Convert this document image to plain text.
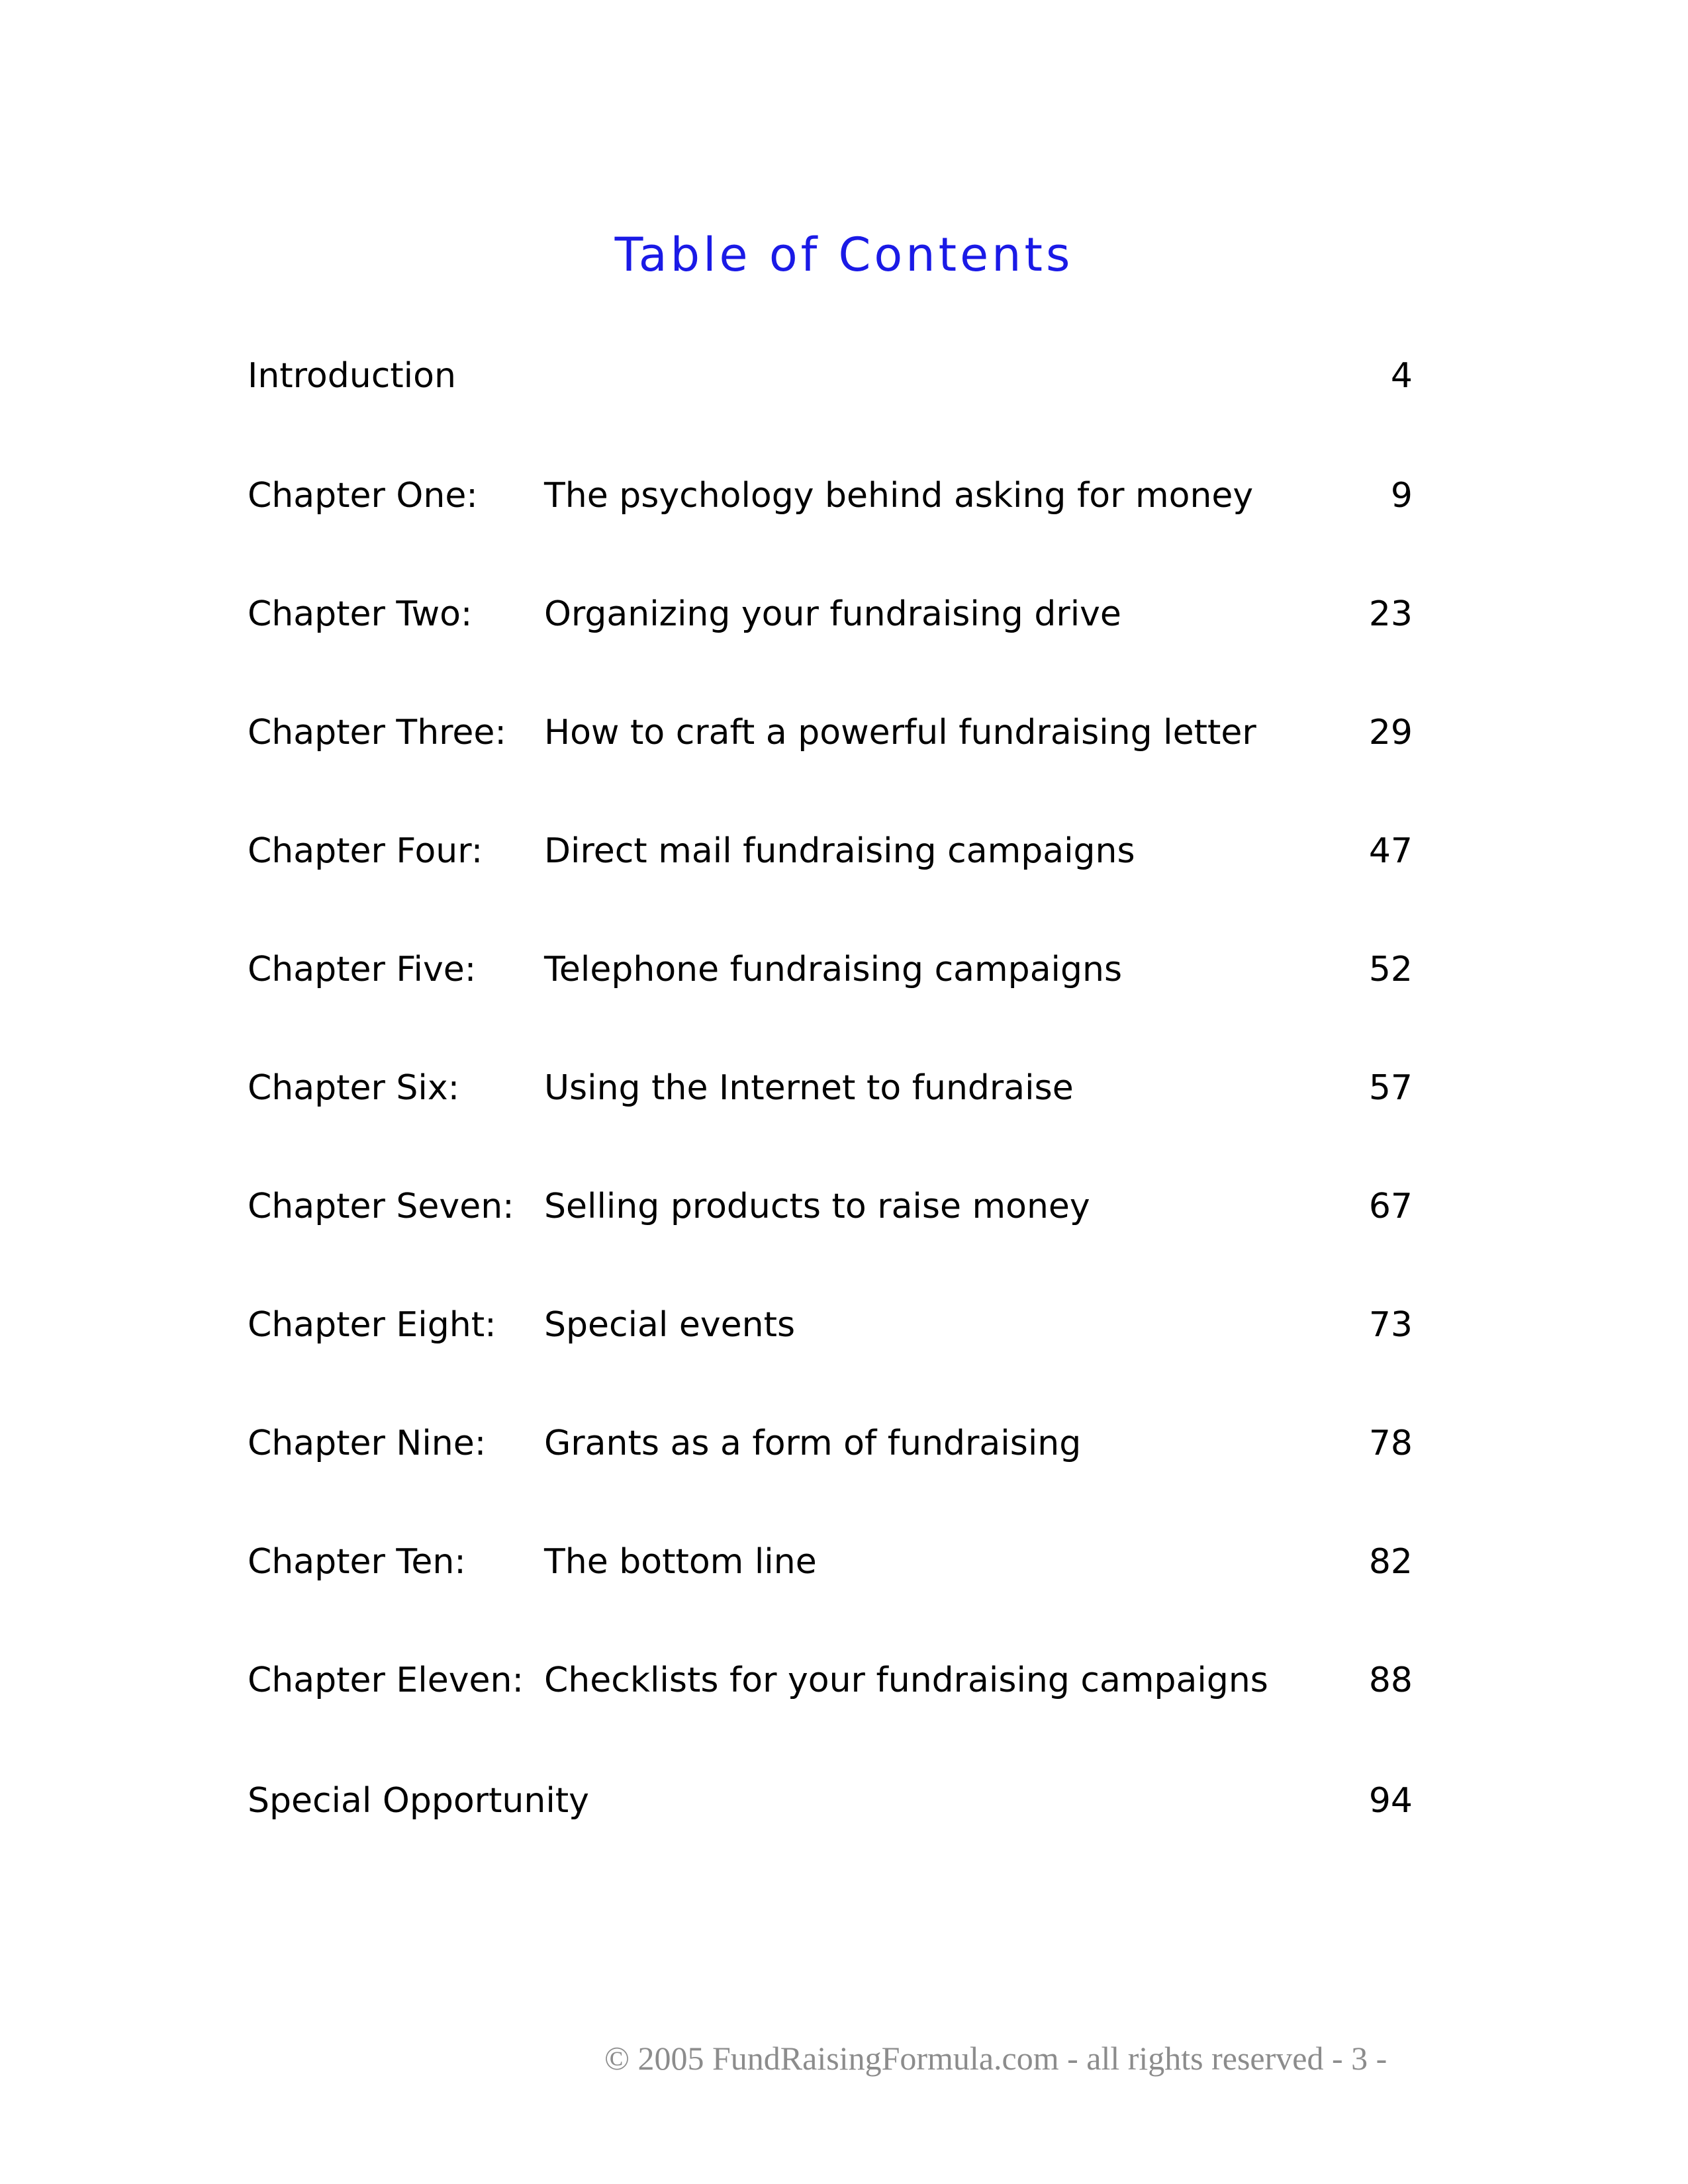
Table of Contents
Introduction	4
Chapter One: The psychology behind asking for money	9
Chapter Two: Organizing your fundraising drive	23
Chapter Three: How to craft a powerful fundraising letter	29
Chapter Four: Direct mail fundraising campaigns	47
Chapter Five: Telephone fundraising campaigns	52
Chapter Six: Using the Internet to fundraise	57
Chapter Seven: Selling products to raise money	67
Chapter Eight: Special events	73
Chapter Nine: Grants as a form of fundraising	78
Chapter Ten: The bottom line	82
Chapter Eleven: Checklists for your fundraising campaigns	88
Special Opportunity	94
© 2005 FundRaisingFormula.com - all rights reserved - 3 -
